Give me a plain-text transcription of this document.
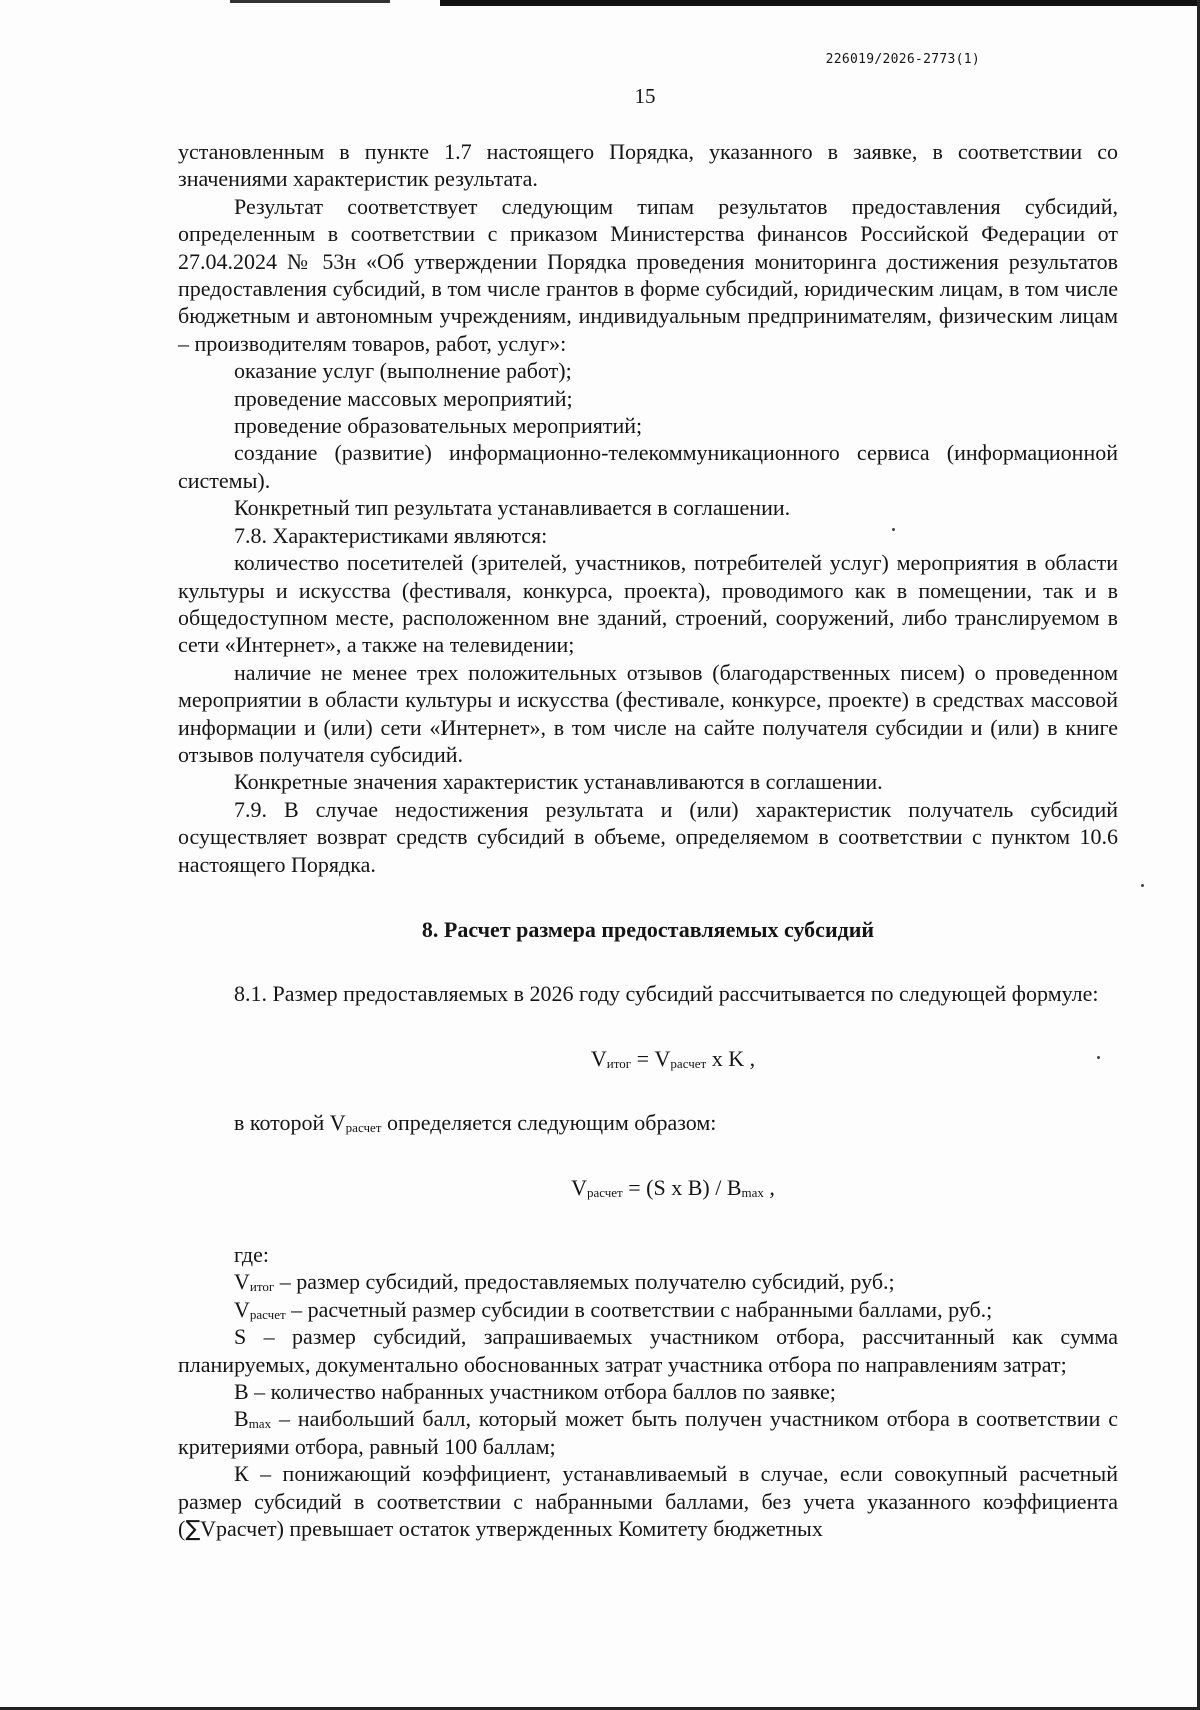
226019/2026-2773(1)
15

установленным в пункте 1.7 настоящего Порядка, указанного в заявке, в соответствии со значениями характеристик результата.

Результат соответствует следующим типам результатов предоставления субсидий, определенным в соответствии с приказом Министерства финансов Российской Федерации от 27.04.2024 № 53н «Об утверждении Порядка проведения мониторинга достижения результатов предоставления субсидий, в том числе грантов в форме субсидий, юридическим лицам, в том числе бюджетным и автономным учреждениям, индивидуальным предпринимателям, физическим лицам – производителям товаров, работ, услуг»:

оказание услуг (выполнение работ);

проведение массовых мероприятий;

проведение образовательных мероприятий;

создание (развитие) информационно-телекоммуникационного сервиса (информационной системы).

Конкретный тип результата устанавливается в соглашении.

7.8. Характеристиками являются:

количество посетителей (зрителей, участников, потребителей услуг) мероприятия в области культуры и искусства (фестиваля, конкурса, проекта), проводимого как в помещении, так и в общедоступном месте, расположенном вне зданий, строений, сооружений, либо транслируемом в сети «Интернет», а также на телевидении;

наличие не менее трех положительных отзывов (благодарственных писем) о проведенном мероприятии в области культуры и искусства (фестивале, конкурсе, проекте) в средствах массовой информации и (или) сети «Интернет», в том числе на сайте получателя субсидии и (или) в книге отзывов получателя субсидий.

Конкретные значения характеристик устанавливаются в соглашении.

7.9. В случае недостижения результата и (или) характеристик получатель субсидий осуществляет возврат средств субсидий в объеме, определяемом в соответствии с пунктом 10.6 настоящего Порядка.

8. Расчет размера предоставляемых субсидий

8.1. Размер предоставляемых в 2026 году субсидий рассчитывается по следующей формуле:

$V_{итог} = V_{расчет}$ x K ,

в которой $V_{расчет}$ определяется следующим образом:

$V_{расчет} = (S$ x $B) / B_{max}$ ,

где:

$V_{итог}$ – размер субсидий, предоставляемых получателю субсидий, руб.;

$V_{расчет}$ – расчетный размер субсидии в соответствии с набранными баллами, руб.;

S – размер субсидий, запрашиваемых участником отбора, рассчитанный как сумма планируемых, документально обоснованных затрат участника отбора по направлениям затрат;

B – количество набранных участником отбора баллов по заявке;

$B_{max}$ – наибольший балл, который может быть получен участником отбора в соответствии с критериями отбора, равный 100 баллам;

К – понижающий коэффициент, устанавливаемый в случае, если совокупный расчетный размер субсидий в соответствии с набранными баллами, без учета указанного коэффициента (∑Vрасчет) превышает остаток утвержденных Комитету бюджетных
